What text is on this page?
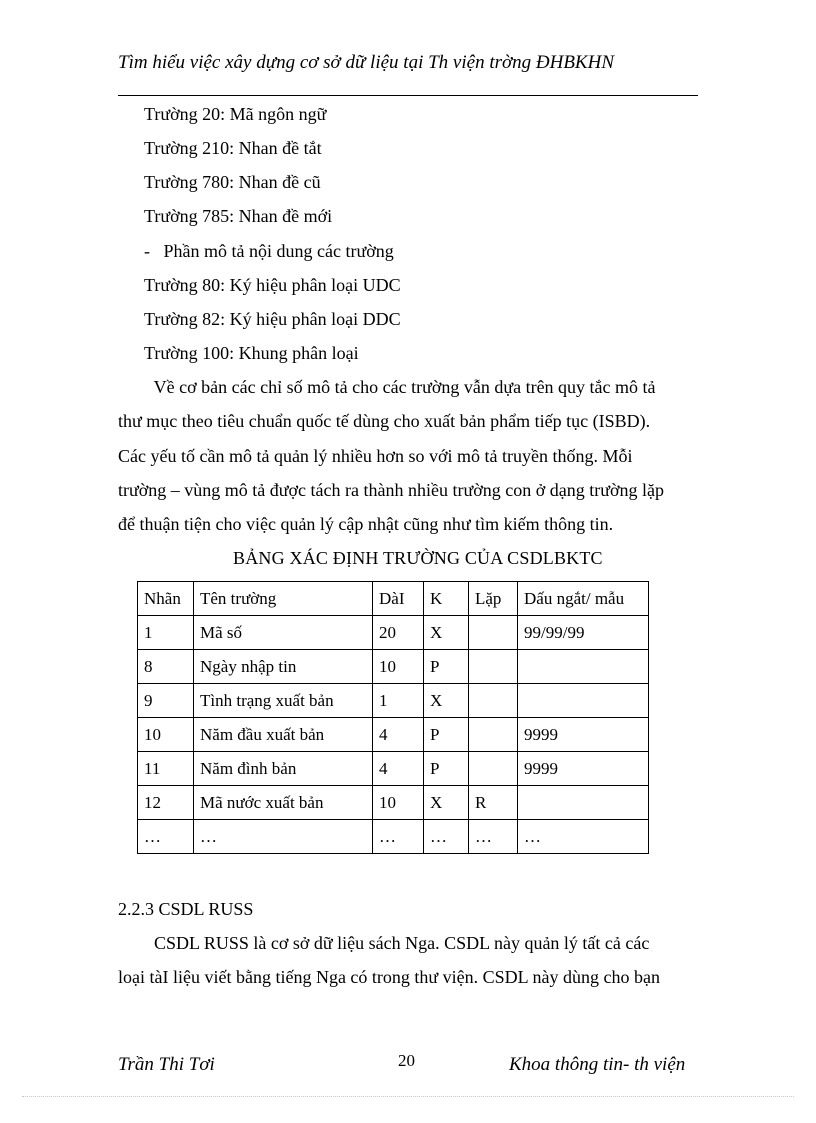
Tìm hiểu việc xây dựng cơ sở dữ liệu tại Th viện trờng ĐHBKHN
Trường 20: Mã ngôn ngữ
Trường 210: Nhan đề tắt
Trường 780: Nhan đề cũ
Trường 785: Nhan đề mới
-   Phần mô tả nội dung các trường
Trường 80: Ký hiệu phân loại UDC
Trường 82: Ký hiệu phân loại DDC
Trường 100: Khung phân loại
Về cơ bản các chỉ số mô tả cho các trường vẫn dựa trên quy tắc mô tả
thư mục theo tiêu chuẩn quốc tế dùng cho xuất bản phẩm tiếp tục (ISBD).
Các yếu tố cần mô tả quản lý nhiều hơn so với mô tả truyền thống. Mỗi
trường – vùng mô tả được tách ra thành nhiều trường con ở dạng trường lặp
để thuận tiện cho việc quản lý cập nhật cũng như tìm kiếm thông tin.
BẢNG XÁC ĐỊNH TRƯỜNG CỦA CSDLBKTC
Nhãn	Tên trường	DàI	K	Lặp	Dấu ngắt/ mẫu
1	Mã số	20	X		99/99/99
8	Ngày nhập tin	10	P		
9	Tình trạng xuất bản	1	X		
10	Năm đầu xuất bản	4	P		9999
11	Năm đình bản	4	P		9999
12	Mã nước xuất bản	10	X	R	
…	…	…	…	…	…
2.2.3 CSDL RUSS
CSDL RUSS là cơ sở dữ liệu sách Nga. CSDL này quản lý tất cả các
loại tàI liệu viết bằng tiếng Nga có trong thư viện. CSDL này dùng cho bạn
Trần Thi Tơi	20	Khoa thông tin- th viện
